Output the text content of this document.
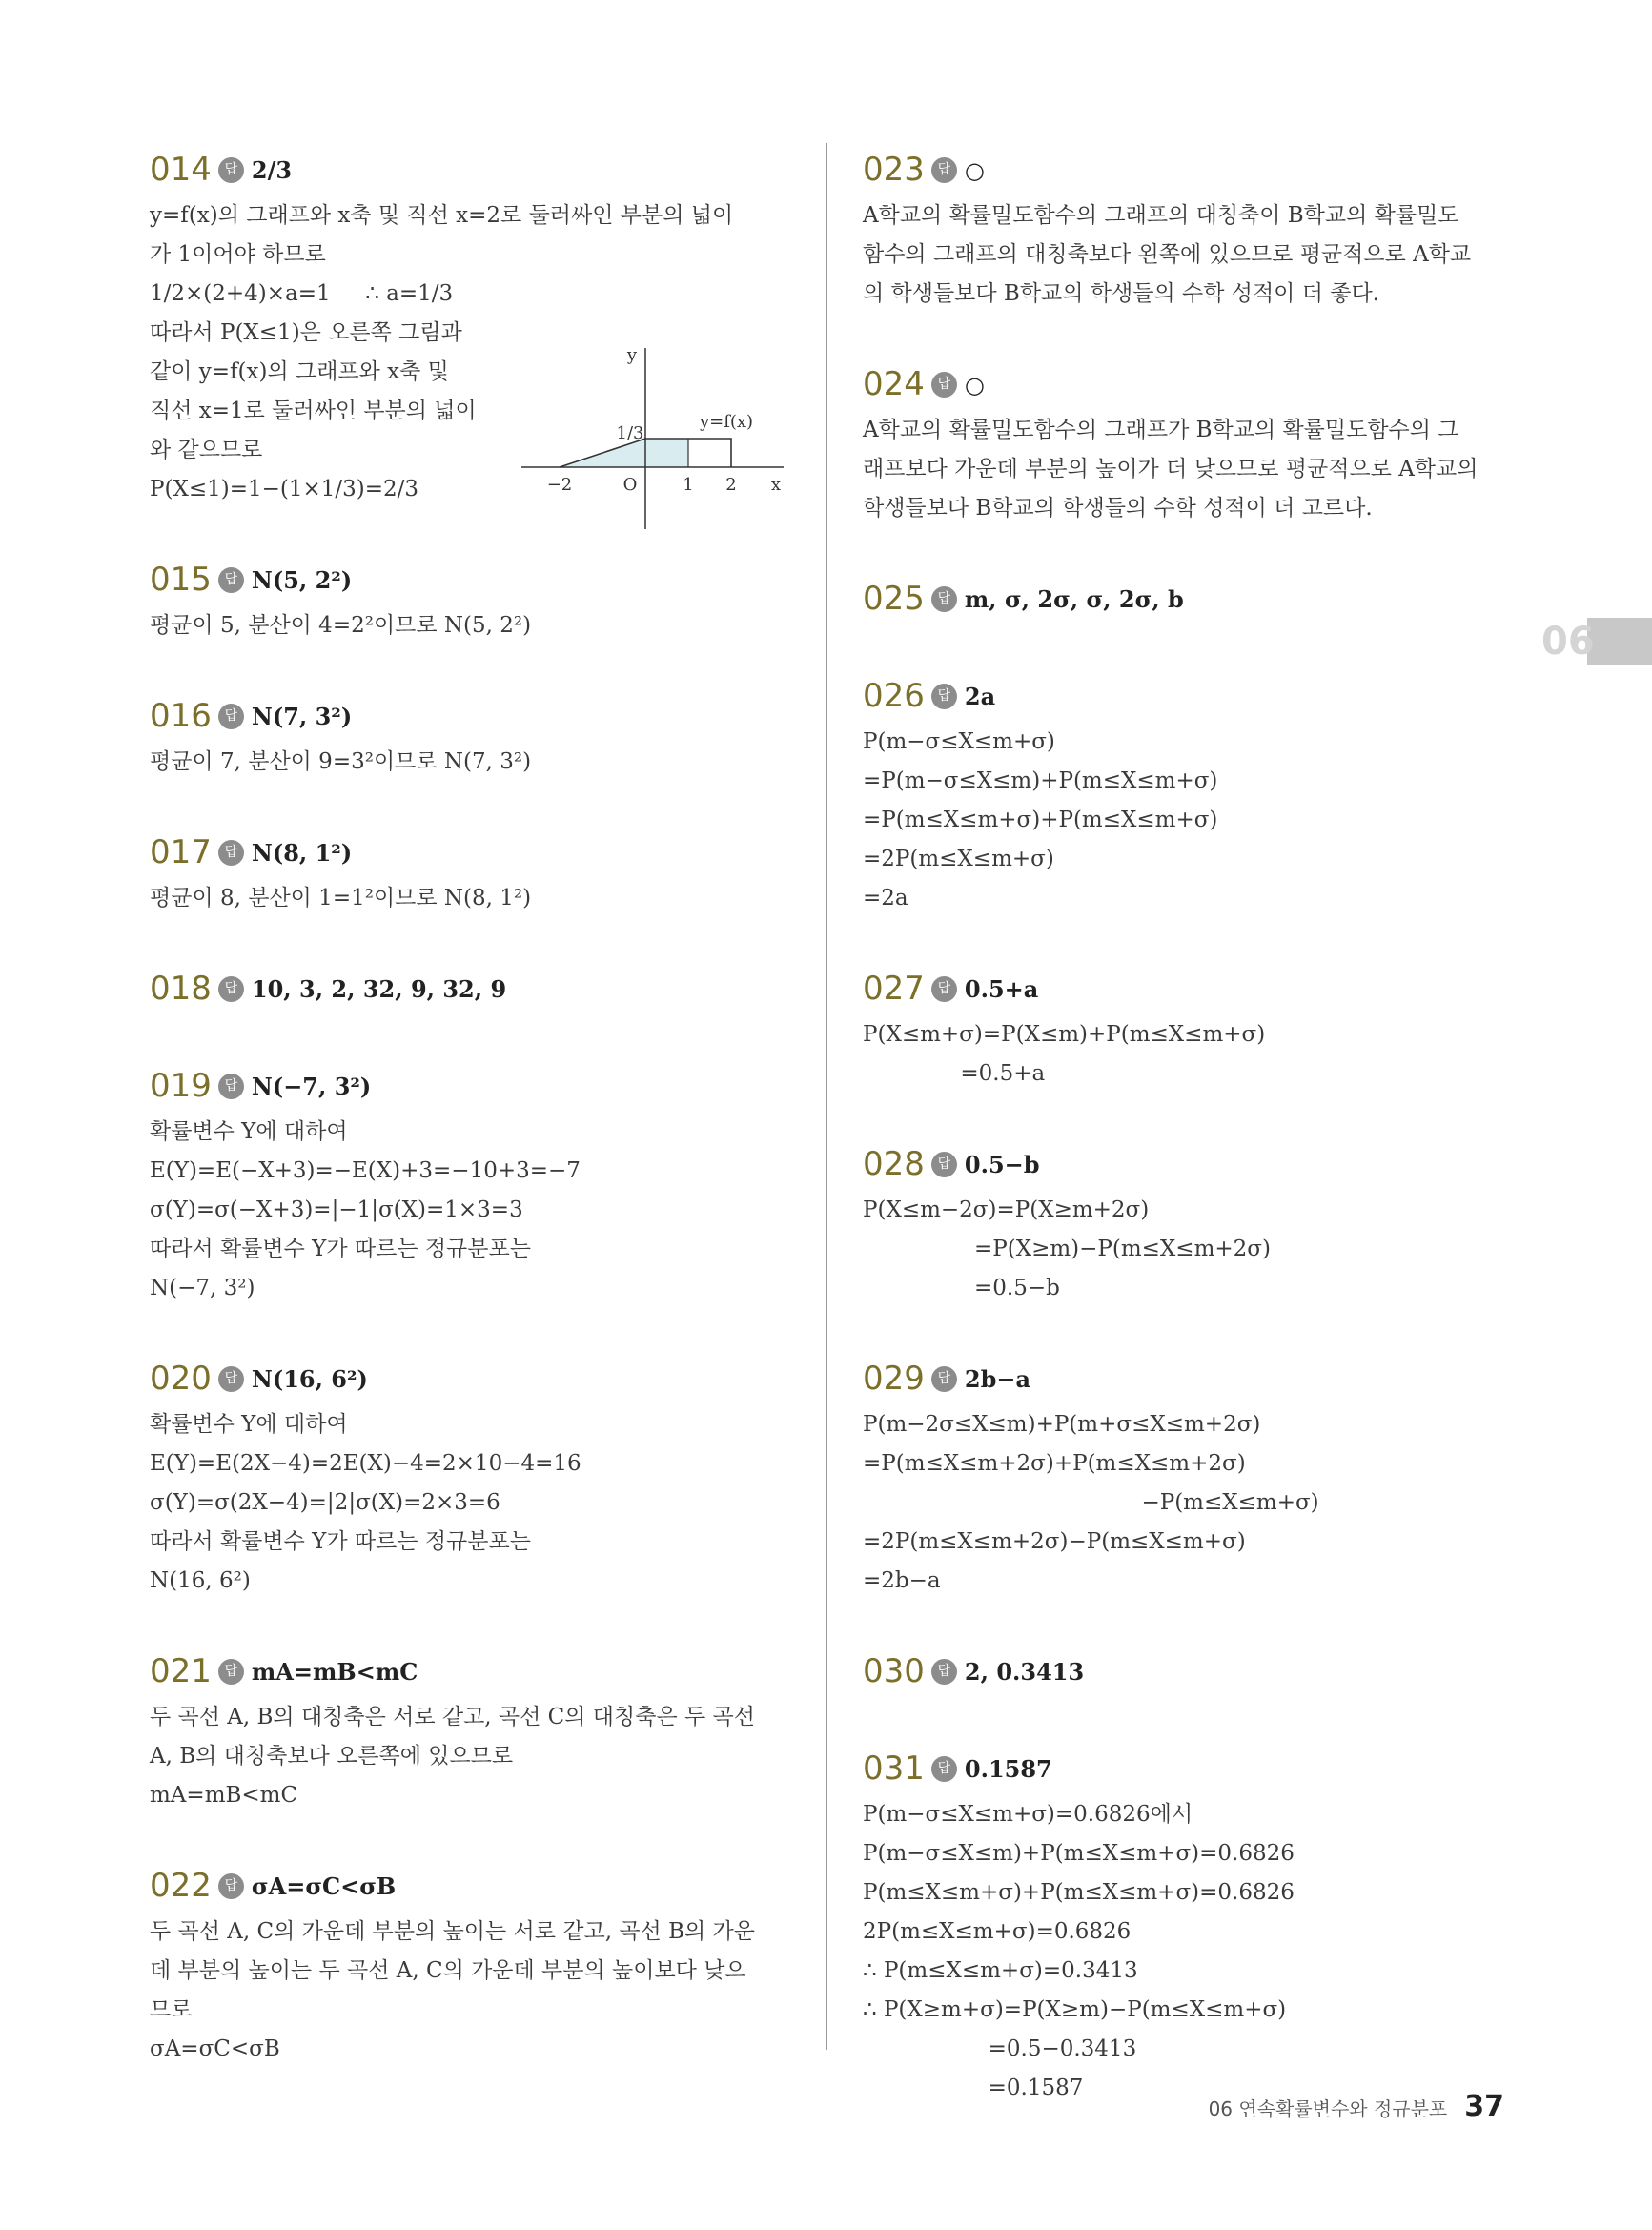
014 답 2/3
y=f(x)의 그래프와 x축 및 직선 x=2로 둘러싸인 부분의 넓이
가 1이어야 하므로
1/2×(2+4)×a=1     ∴ a=1/3
따라서 P(X≤1)은 오른쪽 그림과
같이 y=f(x)의 그래프와 x축 및
직선 x=1로 둘러싸인 부분의 넓이
와 같으므로
P(X≤1)=1−(1×1/3)=2/3
y
x
O
−2	1 2
1/3
y=f(x)
015 답 N(5, 2²)
평균이 5, 분산이 4=2²이므로 N(5, 2²)
016 답 N(7, 3²)
평균이 7, 분산이 9=3²이므로 N(7, 3²)
017 답 N(8, 1²)
평균이 8, 분산이 1=1²이므로 N(8, 1²)
018 답 10, 3, 2, 32, 9, 32, 9
019 답 N(−7, 3²)
확률변수 Y에 대하여
E(Y)=E(−X+3)=−E(X)+3=−10+3=−7
σ(Y)=σ(−X+3)=|−1|σ(X)=1×3=3
따라서 확률변수 Y가 따르는 정규분포는
N(−7, 3²)
020 답 N(16, 6²)
확률변수 Y에 대하여
E(Y)=E(2X−4)=2E(X)−4=2×10−4=16
σ(Y)=σ(2X−4)=|2|σ(X)=2×3=6
따라서 확률변수 Y가 따르는 정규분포는
N(16, 6²)
021 답 mA=mB<mC
두 곡선 A, B의 대칭축은 서로 같고, 곡선 C의 대칭축은 두 곡선
A, B의 대칭축보다 오른쪽에 있으므로
mA=mB<mC
022 답 σA=σC<σB
두 곡선 A, C의 가운데 부분의 높이는 서로 같고, 곡선 B의 가운
데 부분의 높이는 두 곡선 A, C의 가운데 부분의 높이보다 낮으
므로
σA=σC<σB
023 답 ○
A학교의 확률밀도함수의 그래프의 대칭축이 B학교의 확률밀도
함수의 그래프의 대칭축보다 왼쪽에 있으므로 평균적으로 A학교
의 학생들보다 B학교의 학생들의 수학 성적이 더 좋다.
024 답 ○
A학교의 확률밀도함수의 그래프가 B학교의 확률밀도함수의 그
래프보다 가운데 부분의 높이가 더 낮으므로 평균적으로 A학교의
학생들보다 B학교의 학생들의 수학 성적이 더 고르다.
025 답 m, σ, 2σ, σ, 2σ, b
026 답 2a
P(m−σ≤X≤m+σ)
=P(m−σ≤X≤m)+P(m≤X≤m+σ)
=P(m≤X≤m+σ)+P(m≤X≤m+σ)
=2P(m≤X≤m+σ)
=2a
027 답 0.5+a
P(X≤m+σ)=P(X≤m)+P(m≤X≤m+σ)
=0.5+a
028 답 0.5−b
P(X≤m−2σ)=P(X≥m+2σ)
=P(X≥m)−P(m≤X≤m+2σ)
=0.5−b
029 답 2b−a
P(m−2σ≤X≤m)+P(m+σ≤X≤m+2σ)
=P(m≤X≤m+2σ)+P(m≤X≤m+2σ)
−P(m≤X≤m+σ)
=2P(m≤X≤m+2σ)−P(m≤X≤m+σ)
=2b−a
030 답 2, 0.3413
031 답 0.1587
P(m−σ≤X≤m+σ)=0.6826에서
P(m−σ≤X≤m)+P(m≤X≤m+σ)=0.6826
P(m≤X≤m+σ)+P(m≤X≤m+σ)=0.6826
2P(m≤X≤m+σ)=0.6826
∴ P(m≤X≤m+σ)=0.3413
∴ P(X≥m+σ)=P(X≥m)−P(m≤X≤m+σ)
=0.5−0.3413
=0.1587
06
06 연속확률변수와 정규분포 37
